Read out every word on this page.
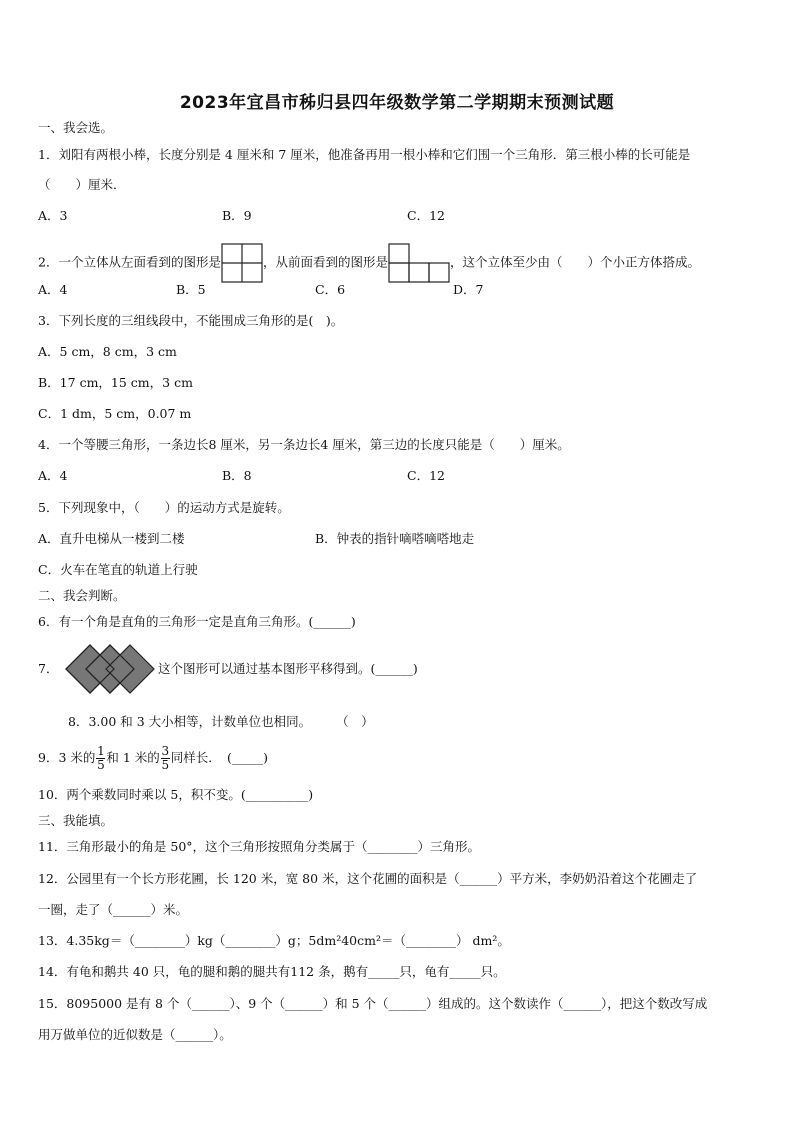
2023年宜昌市秭归县四年级数学第二学期期末预测试题
一、我会选。
1．刘阳有两根小棒，长度分别是 4 厘米和 7 厘米，他准备再用一根小棒和它们围一个三角形．第三根小棒的长可能是
（　　）厘米．
A．3	B．9	C．12
2．一个立体从左面看到的图形是	，从前面看到的图形是	，这个立体至少由（　　）个小正方体搭成。
A．4	B．5	C．6	D．7
3．下列长度的三组线段中，不能围成三角形的是(　)。
A．5 cm，8 cm，3 cm
B．17 cm，15 cm，3 cm
C．1 dm，5 cm，0.07 m
4．一个等腰三角形，一条边长8 厘米，另一条边长4 厘米，第三边的长度只能是（　　）厘米。
A．4	B．8	C．12
5．下列现象中，（　　）的运动方式是旋转。
A．直升电梯从一楼到二楼	B．钟表的指针嘀嗒嘀嗒地走
C．火车在笔直的轨道上行驶
二、我会判断。
6．有一个角是直角的三角形一定是直角三角形。(______)
7．	这个图形可以通过基本图形平移得到。(______)
8．3.00 和 3 大小相等，计数单位也相同。　　　（　）
9．3 米的 $\frac{1}{5}$ 和 1 米的 $\frac{3}{5}$ 同样长．　(_____)
10．两个乘数同时乘以 5，积不变。(__________)
三、我能填。
11．三角形最小的角是 50°，这个三角形按照角分类属于（________）三角形。
12．公园里有一个长方形花圃，长 120 米，宽 80 米，这个花圃的面积是（______）平方米，李奶奶沿着这个花圃走了
一圈，走了（______）米。
13．4.35kg＝（________）kg（________）g；5dm²40cm²＝（________） dm²。
14．有龟和鹅共 40 只，龟的腿和鹅的腿共有112 条，鹅有_____只，龟有_____只。
15．8095000 是有 8 个（______）、9 个（______）和 5 个（______）组成的。这个数读作（______），把这个数改写成
用万做单位的近似数是（______）。
